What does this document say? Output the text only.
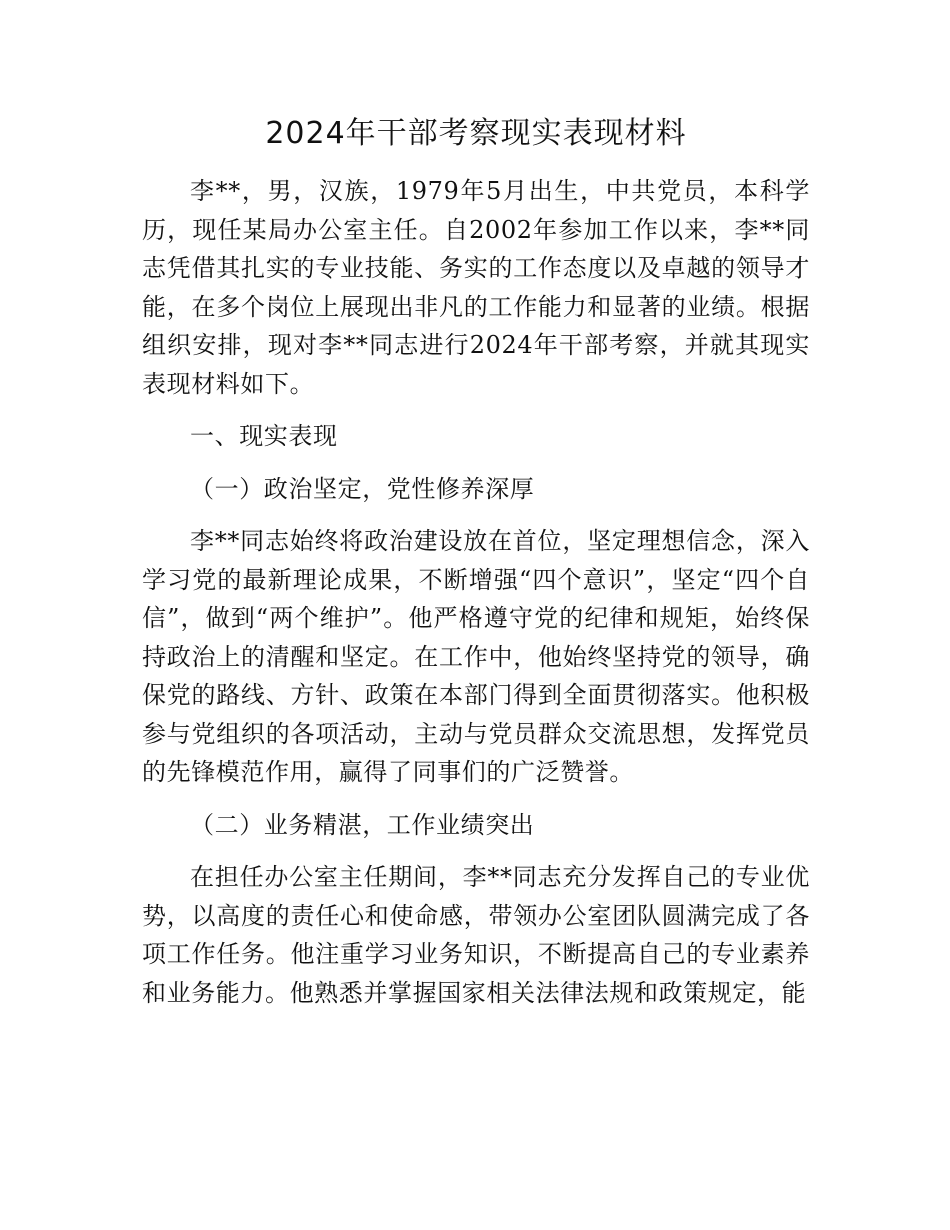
2024年干部考察现实表现材料

李**，男，汉族，1979年5月出生，中共党员，本科学历，现任某局办公室主任。自2002年参加工作以来，李**同志凭借其扎实的专业技能、务实的工作态度以及卓越的领导才能，在多个岗位上展现出非凡的工作能力和显著的业绩。根据组织安排，现对李**同志进行2024年干部考察，并就其现实表现材料如下。

一、现实表现

（一）政治坚定，党性修养深厚

李**同志始终将政治建设放在首位，坚定理想信念，深入学习党的最新理论成果，不断增强“四个意识”，坚定“四个自信”，做到“两个维护”。他严格遵守党的纪律和规矩，始终保持政治上的清醒和坚定。在工作中，他始终坚持党的领导，确保党的路线、方针、政策在本部门得到全面贯彻落实。他积极参与党组织的各项活动，主动与党员群众交流思想，发挥党员的先锋模范作用，赢得了同事们的广泛赞誉。

（二）业务精湛，工作业绩突出

在担任办公室主任期间，李**同志充分发挥自己的专业优势，以高度的责任心和使命感，带领办公室团队圆满完成了各项工作任务。他注重学习业务知识，不断提高自己的专业素养和业务能力。他熟悉并掌握国家相关法律法规和政策规定，能
